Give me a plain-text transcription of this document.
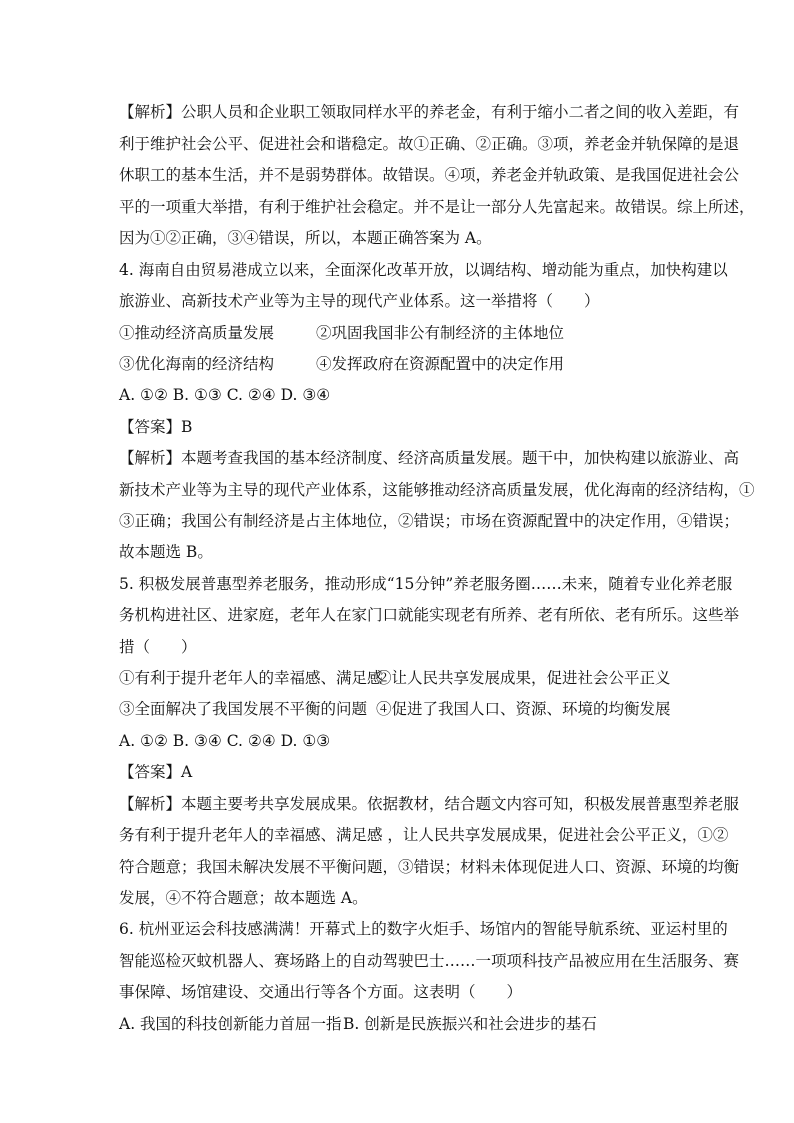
【解析】公职人员和企业职工领取同样水平的养老金，有利于缩小二者之间的收入差距，有
利于维护社会公平、促进社会和谐稳定。故①正确、②正确。③项，养老金并轨保障的是退
休职工的基本生活，并不是弱势群体。故错误。④项，养老金并轨政策、是我国促进社会公
平的一项重大举措，有利于维护社会稳定。并不是让一部分人先富起来。故错误。综上所述，
因为①②正确，③④错误，所以，本题正确答案为 A。
4. 海南自由贸易港成立以来，全面深化改革开放，以调结构、增动能为重点，加快构建以
旅游业、高新技术产业等为主导的现代产业体系。这一举措将（　　）
①推动经济高质量发展	②巩固我国非公有制经济的主体地位
③优化海南的经济结构	④发挥政府在资源配置中的决定作用
A. ①② B. ①③ C. ②④ D. ③④
【答案】B
【解析】本题考查我国的基本经济制度、经济高质量发展。题干中，加快构建以旅游业、高
新技术产业等为主导的现代产业体系，这能够推动经济高质量发展，优化海南的经济结构，①
③正确；我国公有制经济是占主体地位，②错误；市场在资源配置中的决定作用，④错误；
故本题选 B。
5. 积极发展普惠型养老服务，推动形成“15分钟”养老服务圈……未来，随着专业化养老服
务机构进社区、进家庭，老年人在家门口就能实现老有所养、老有所依、老有所乐。这些举
措（　　）
①有利于提升老年人的幸福感、满足感
②让人民共享发展成果，促进社会公平正义
③全面解决了我国发展不平衡的问题 ④促进了我国人口、资源、环境的均衡发展
A. ①② B. ③④ C. ②④ D. ①③
【答案】A
【解析】本题主要考共享发展成果。依据教材，结合题文内容可知，积极发展普惠型养老服
务有利于提升老年人的幸福感、满足感 ，让人民共享发展成果，促进社会公平正义，①②
符合题意；我国未解决发展不平衡问题，③错误；材料未体现促进人口、资源、环境的均衡
发展，④不符合题意；故本题选 A。
6. 杭州亚运会科技感满满！开幕式上的数字火炬手、场馆内的智能导航系统、亚运村里的
智能巡检灭蚊机器人、赛场路上的自动驾驶巴士……一项项科技产品被应用在生活服务、赛
事保障、场馆建设、交通出行等各个方面。这表明（　　）
A. 我国的科技创新能力首屈一指 B. 创新是民族振兴和社会进步的基石
